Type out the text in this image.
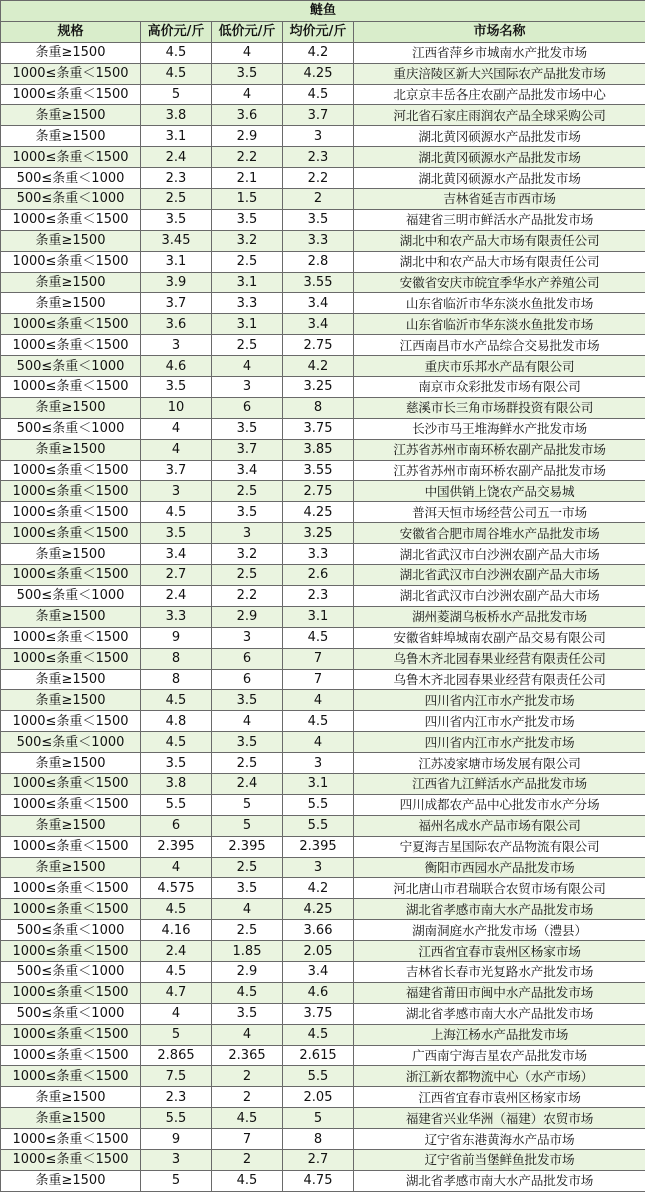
鲢鱼				
规格	高价元/斤	低价元/斤	均价元/斤	市场名称
条重≥1500	4.5	4	4.2	江西省萍乡市城南水产批发市场
1000≤条重＜1500	4.5	3.5	4.25	重庆涪陵区新大兴国际农产品批发市场
1000≤条重＜1500	5	4	4.5	北京京丰岳各庄农副产品批发市场中心
条重≥1500	3.8	3.6	3.7	河北省石家庄雨润农产品全球采购公司
条重≥1500	3.1	2.9	3	湖北黄冈硕源水产品批发市场
1000≤条重＜1500	2.4	2.2	2.3	湖北黄冈硕源水产品批发市场
500≤条重＜1000	2.3	2.1	2.2	湖北黄冈硕源水产品批发市场
500≤条重＜1000	2.5	1.5	2	吉林省延吉市西市场
1000≤条重＜1500	3.5	3.5	3.5	福建省三明市鲜活水产品批发市场
条重≥1500	3.45	3.2	3.3	湖北中和农产品大市场有限责任公司
1000≤条重＜1500	3.1	2.5	2.8	湖北中和农产品大市场有限责任公司
条重≥1500	3.9	3.1	3.55	安徽省安庆市皖宜季华水产养殖公司
条重≥1500	3.7	3.3	3.4	山东省临沂市华东淡水鱼批发市场
1000≤条重＜1500	3.6	3.1	3.4	山东省临沂市华东淡水鱼批发市场
1000≤条重＜1500	3	2.5	2.75	江西南昌市水产品综合交易批发市场
500≤条重＜1000	4.6	4	4.2	重庆市乐邦水产品有限公司
1000≤条重＜1500	3.5	3	3.25	南京市众彩批发市场有限公司
条重≥1500	10	6	8	慈溪市长三角市场群投资有限公司
500≤条重＜1000	4	3.5	3.75	长沙市马王堆海鲜水产批发市场
条重≥1500	4	3.7	3.85	江苏省苏州市南环桥农副产品批发市场
1000≤条重＜1500	3.7	3.4	3.55	江苏省苏州市南环桥农副产品批发市场
1000≤条重＜1500	3	2.5	2.75	中国供销上饶农产品交易城
1000≤条重＜1500	4.5	3.5	4.25	普洱天恒市场经营公司五一市场
1000≤条重＜1500	3.5	3	3.25	安徽省合肥市周谷堆水产品批发市场
条重≥1500	3.4	3.2	3.3	湖北省武汉市白沙洲农副产品大市场
1000≤条重＜1500	2.7	2.5	2.6	湖北省武汉市白沙洲农副产品大市场
500≤条重＜1000	2.4	2.2	2.3	湖北省武汉市白沙洲农副产品大市场
条重≥1500	3.3	2.9	3.1	湖州菱湖乌板桥水产品批发市场
1000≤条重＜1500	9	3	4.5	安徽省蚌埠城南农副产品交易有限公司
1000≤条重＜1500	8	6	7	乌鲁木齐北园春果业经营有限责任公司
条重≥1500	8	6	7	乌鲁木齐北园春果业经营有限责任公司
条重≥1500	4.5	3.5	4	四川省内江市水产批发市场
1000≤条重＜1500	4.8	4	4.5	四川省内江市水产批发市场
500≤条重＜1000	4.5	3.5	4	四川省内江市水产批发市场
条重≥1500	3.5	2.5	3	江苏凌家塘市场发展有限公司
1000≤条重＜1500	3.8	2.4	3.1	江西省九江鲜活水产品批发市场
1000≤条重＜1500	5.5	5	5.5	四川成都农产品中心批发市水产分场
条重≥1500	6	5	5.5	福州名成水产品市场有限公司
1000≤条重＜1500	2.395	2.395	2.395	宁夏海吉星国际农产品物流有限公司
条重≥1500	4	2.5	3	衡阳市西园水产品批发市场
1000≤条重＜1500	4.575	3.5	4.2	河北唐山市君瑞联合农贸市场有限公司
1000≤条重＜1500	4.5	4	4.25	湖北省孝感市南大水产品批发市场
500≤条重＜1000	4.16	2.5	3.66	湖南洞庭水产批发市场（澧县）
1000≤条重＜1500	2.4	1.85	2.05	江西省宜春市袁州区杨家市场
500≤条重＜1000	4.5	2.9	3.4	吉林省长春市光复路水产批发市场
1000≤条重＜1500	4.7	4.5	4.6	福建省莆田市闽中水产品批发市场
500≤条重＜1000	4	3.5	3.75	湖北省孝感市南大水产品批发市场
1000≤条重＜1500	5	4	4.5	上海江杨水产品批发市场
1000≤条重＜1500	2.865	2.365	2.615	广西南宁海吉星农产品批发市场
1000≤条重＜1500	7.5	2	5.5	浙江新农都物流中心（水产市场）
条重≥1500	2.3	2	2.05	江西省宜春市袁州区杨家市场
条重≥1500	5.5	4.5	5	福建省兴业华洲（福建）农贸市场
1000≤条重＜1500	9	7	8	辽宁省东港黄海水产品市场
1000≤条重＜1500	3	2	2.7	辽宁省前当堡鲜鱼批发市场
条重≥1500	5	4.5	4.75	湖北省孝感市南大水产品批发市场
